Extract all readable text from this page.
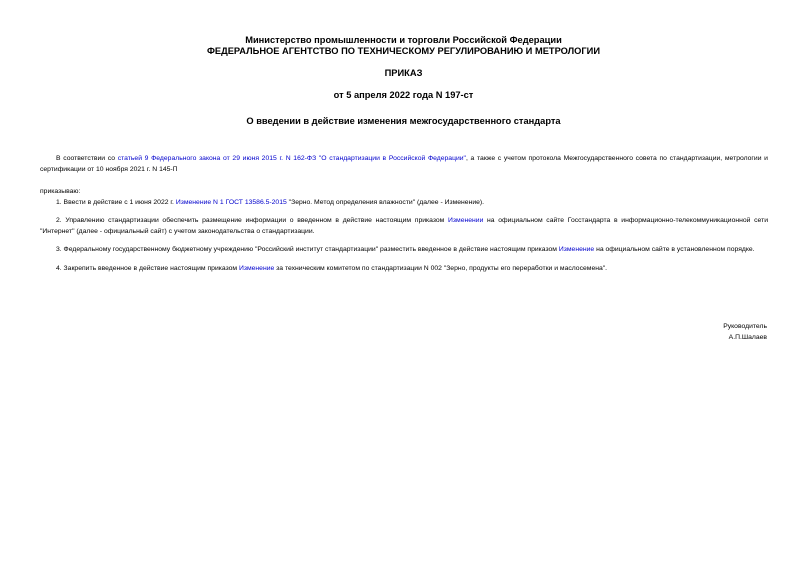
Министерство промышленности и торговли Российской Федерации
ФЕДЕРАЛЬНОЕ АГЕНТСТВО ПО ТЕХНИЧЕСКОМУ РЕГУЛИРОВАНИЮ И МЕТРОЛОГИИ
ПРИКАЗ
от 5 апреля 2022 года N 197-ст
О введении в действие изменения межгосударственного стандарта

В соответствии со статьей 9 Федерального закона от 29 июня 2015 г. N 162-ФЗ "О стандартизации в Российской Федерации", а также с учетом протокола Межгосударственного совета по стандартизации, метрологии и сертификации от 10 ноября 2021 г. N 145-П

приказываю:

1. Ввести в действие с 1 июня 2022 г. Изменение N 1 ГОСТ 13586.5-2015 "Зерно. Метод определения влажности" (далее - Изменение).

2. Управлению стандартизации обеспечить размещение информации о введенном в действие настоящим приказом Изменении на официальном сайте Госстандарта в информационно-телекоммуникационной сети "Интернет" (далее - официальный сайт) с учетом законодательства о стандартизации.

3. Федеральному государственному бюджетному учреждению "Российский институт стандартизации" разместить введенное в действие настоящим приказом Изменение на официальном сайте в установленном порядке.

4. Закрепить введенное в действие настоящим приказом Изменение за техническим комитетом по стандартизации N 002 "Зерно, продукты его переработки и маслосемена".

Руководитель
А.П.Шалаев
